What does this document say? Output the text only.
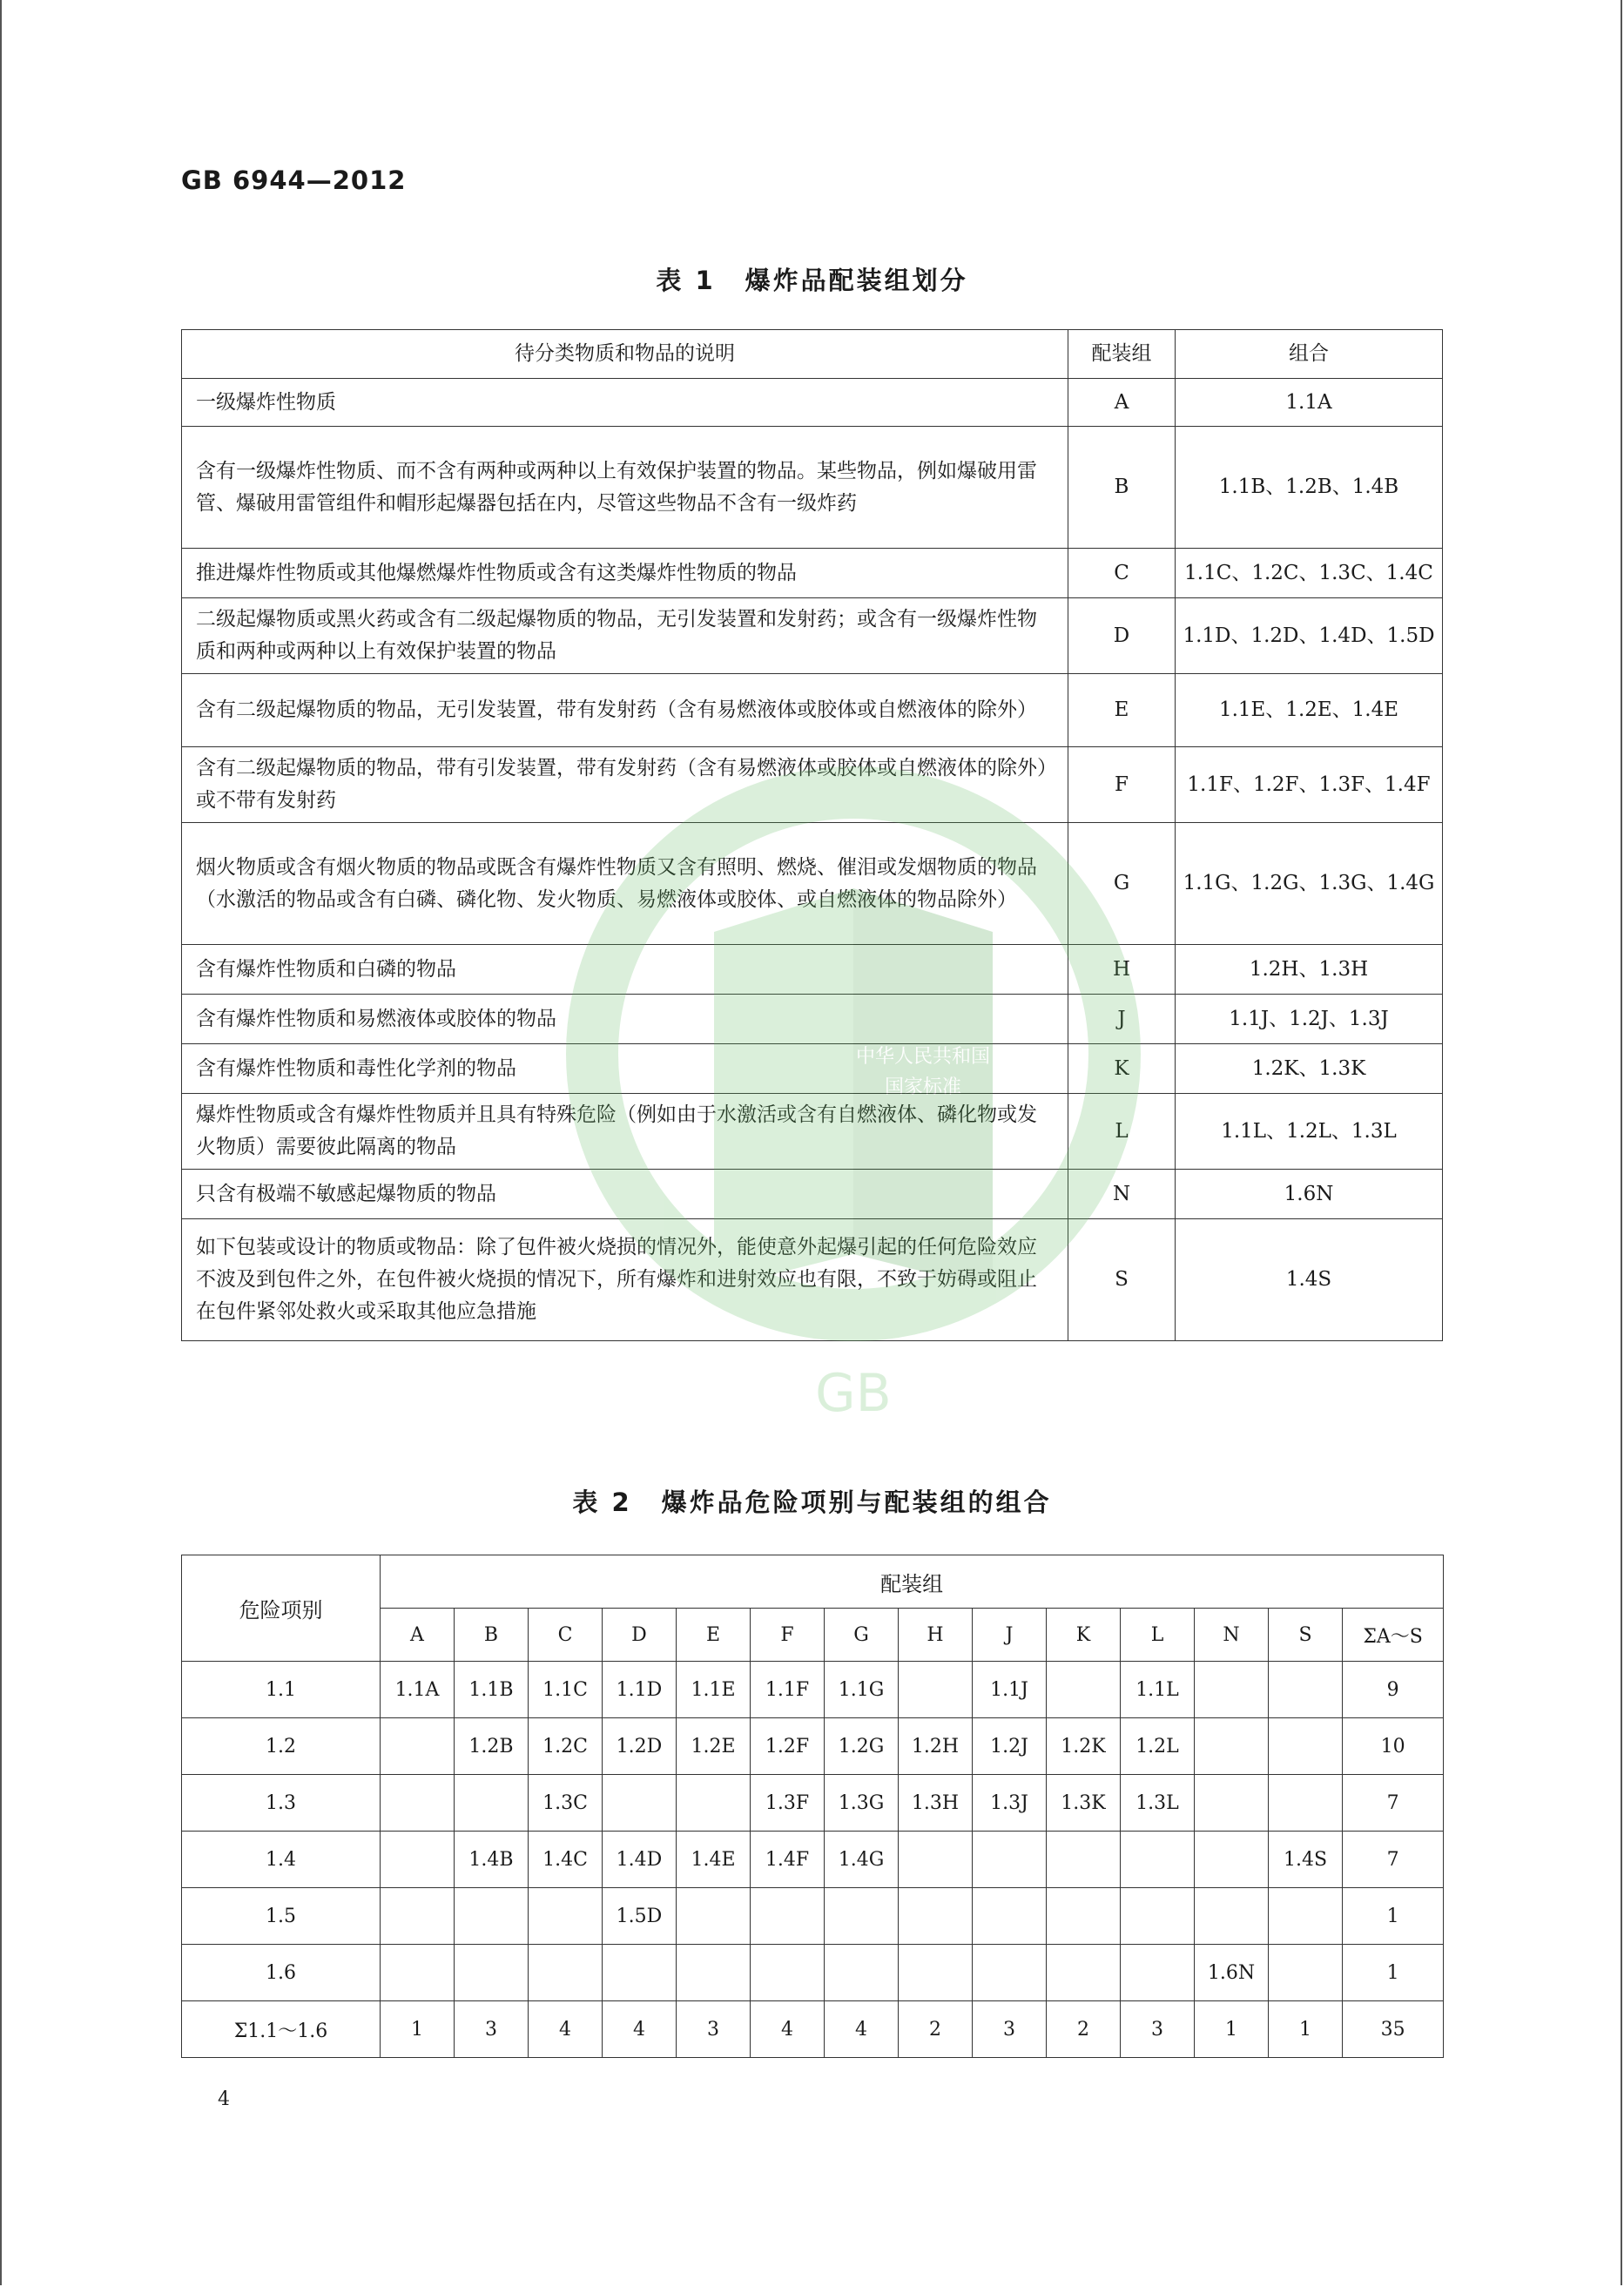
GB 6944—2012
表 1 爆炸品配装组划分
待分类物质和物品的说明	配装组	组合
一级爆炸性物质	A	1.1A
含有一级爆炸性物质、而不含有两种或两种以上有效保护装置的物品。某些物品，例如爆破用雷管、爆破用雷管组件和帽形起爆器包括在内，尽管这些物品不含有一级炸药	B	1.1B、1.2B、1.4B
推进爆炸性物质或其他爆燃爆炸性物质或含有这类爆炸性物质的物品	C	1.1C、1.2C、1.3C、1.4C
二级起爆物质或黑火药或含有二级起爆物质的物品，无引发装置和发射药；或含有一级爆炸性物质和两种或两种以上有效保护装置的物品	D	1.1D、1.2D、1.4D、1.5D
含有二级起爆物质的物品，无引发装置，带有发射药（含有易燃液体或胶体或自燃液体的除外）	E	1.1E、1.2E、1.4E
含有二级起爆物质的物品，带有引发装置，带有发射药（含有易燃液体或胶体或自燃液体的除外）或不带有发射药	F	1.1F、1.2F、1.3F、1.4F
烟火物质或含有烟火物质的物品或既含有爆炸性物质又含有照明、燃烧、催泪或发烟物质的物品（水激活的物品或含有白磷、磷化物、发火物质、易燃液体或胶体、或自燃液体的物品除外）	G	1.1G、1.2G、1.3G、1.4G
含有爆炸性物质和白磷的物品	H	1.2H、1.3H
含有爆炸性物质和易燃液体或胶体的物品	J	1.1J、1.2J、1.3J
含有爆炸性物质和毒性化学剂的物品	K	1.2K、1.3K
爆炸性物质或含有爆炸性物质并且具有特殊危险（例如由于水激活或含有自燃液体、磷化物或发火物质）需要彼此隔离的物品	L	1.1L、1.2L、1.3L
只含有极端不敏感起爆物质的物品	N	1.6N
如下包装或设计的物质或物品：除了包件被火烧损的情况外，能使意外起爆引起的任何危险效应不波及到包件之外，在包件被火烧损的情况下，所有爆炸和进射效应也有限，不致于妨碍或阻止在包件紧邻处救火或采取其他应急措施	S	1.4S
表 2 爆炸品危险项别与配装组的组合
危险项别	配装组													
	A	B	C	D	E	F	G	H	J	K	L	N	S	ΣA～S
1.1	1.1A	1.1B	1.1C	1.1D	1.1E	1.1F	1.1G		1.1J		1.1L			9
1.2		1.2B	1.2C	1.2D	1.2E	1.2F	1.2G	1.2H	1.2J	1.2K	1.2L			10
1.3			1.3C			1.3F	1.3G	1.3H	1.3J	1.3K	1.3L			7
1.4		1.4B	1.4C	1.4D	1.4E	1.4F	1.4G						1.4S	7
1.5				1.5D										1
1.6												1.6N		1
Σ1.1～1.6	1	3	4	4	3	4	4	2	3	2	3	1	1	35
4
中华人民共和国
国家标准
GB
